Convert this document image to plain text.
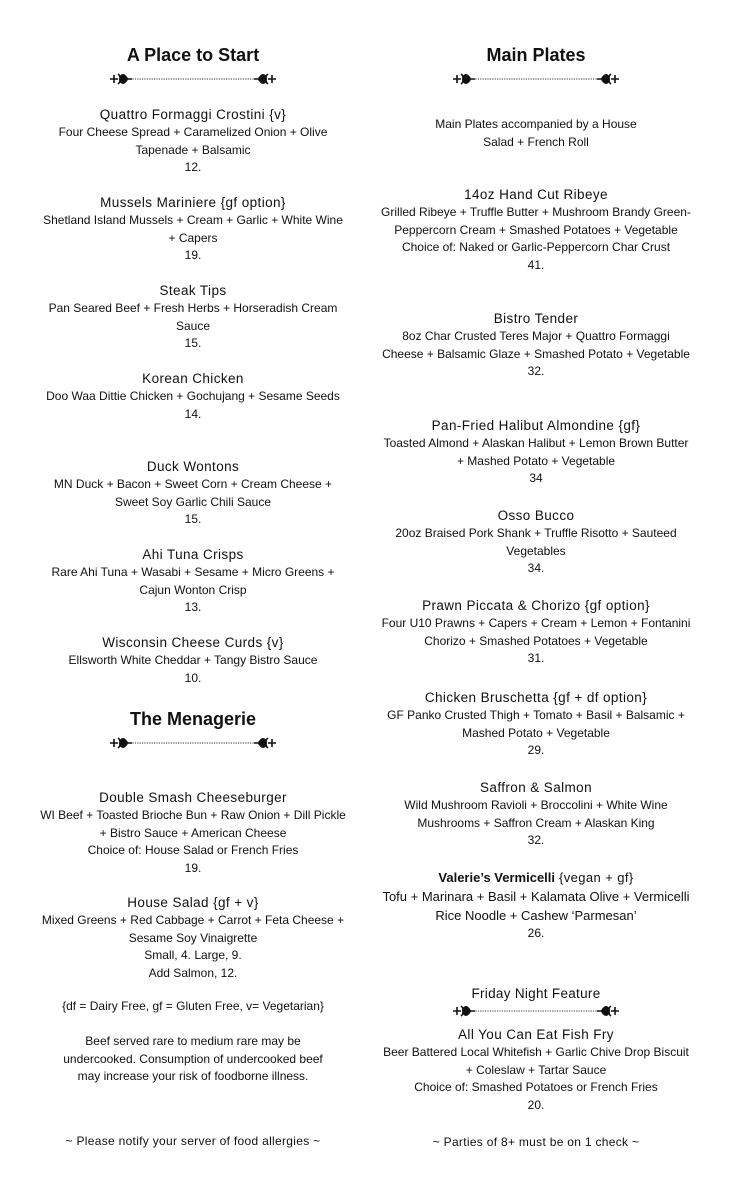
A Place to Start
Quattro Formaggi Crostini {v}
Four Cheese Spread + Caramelized Onion + Olive Tapenade + Balsamic
12.
Mussels Mariniere {gf option}
Shetland Island Mussels + Cream + Garlic + White Wine + Capers
19.
Steak Tips
Pan Seared Beef + Fresh Herbs + Horseradish Cream Sauce
15.
Korean Chicken
Doo Waa Dittie Chicken + Gochujang + Sesame Seeds
14.
Duck Wontons
MN Duck + Bacon + Sweet Corn + Cream Cheese + Sweet Soy Garlic Chili Sauce
15.
Ahi Tuna Crisps
Rare Ahi Tuna + Wasabi + Sesame + Micro Greens + Cajun Wonton Crisp
13.
Wisconsin Cheese Curds {v}
Ellsworth White Cheddar + Tangy Bistro Sauce
10.
The Menagerie
Double Smash Cheeseburger
WI Beef + Toasted Brioche Bun + Raw Onion + Dill Pickle + Bistro Sauce + American Cheese
Choice of: House Salad or French Fries
19.
House Salad {gf + v}
Mixed Greens + Red Cabbage + Carrot + Feta Cheese + Sesame Soy Vinaigrette
Small, 4. Large, 9.
Add Salmon, 12.
{df = Dairy Free, gf = Gluten Free, v= Vegetarian}
Beef served rare to medium rare may be undercooked. Consumption of undercooked beef may increase your risk of foodborne illness.
~ Please notify your server of food allergies ~
Main Plates
Main Plates accompanied by a House Salad + French Roll
14oz Hand Cut Ribeye
Grilled Ribeye + Truffle Butter + Mushroom Brandy Green-Peppercorn Cream + Smashed Potatoes + Vegetable
Choice of: Naked or Garlic-Peppercorn Char Crust
41.
Bistro Tender
8oz Char Crusted Teres Major + Quattro Formaggi Cheese + Balsamic Glaze + Smashed Potato + Vegetable
32.
Pan-Fried Halibut Almondine {gf}
Toasted Almond + Alaskan Halibut + Lemon Brown Butter + Mashed Potato + Vegetable
34
Osso Bucco
20oz Braised Pork Shank + Truffle Risotto + Sauteed Vegetables
34.
Prawn Piccata & Chorizo {gf option}
Four U10 Prawns + Capers + Cream + Lemon + Fontanini Chorizo + Smashed Potatoes + Vegetable
31.
Chicken Bruschetta {gf + df option}
GF Panko Crusted Thigh + Tomato + Basil + Balsamic + Mashed Potato + Vegetable
29.
Saffron & Salmon
Wild Mushroom Ravioli + Broccolini + White Wine Mushrooms + Saffron Cream + Alaskan King
32.
Valerie’s Vermicelli {vegan + gf}
Tofu + Marinara + Basil + Kalamata Olive + Vermicelli Rice Noodle + Cashew ‘Parmesan’
26.
Friday Night Feature
All You Can Eat Fish Fry
Beer Battered Local Whitefish + Garlic Chive Drop Biscuit + Coleslaw + Tartar Sauce
Choice of: Smashed Potatoes or French Fries
20.
~ Parties of 8+ must be on 1 check ~
